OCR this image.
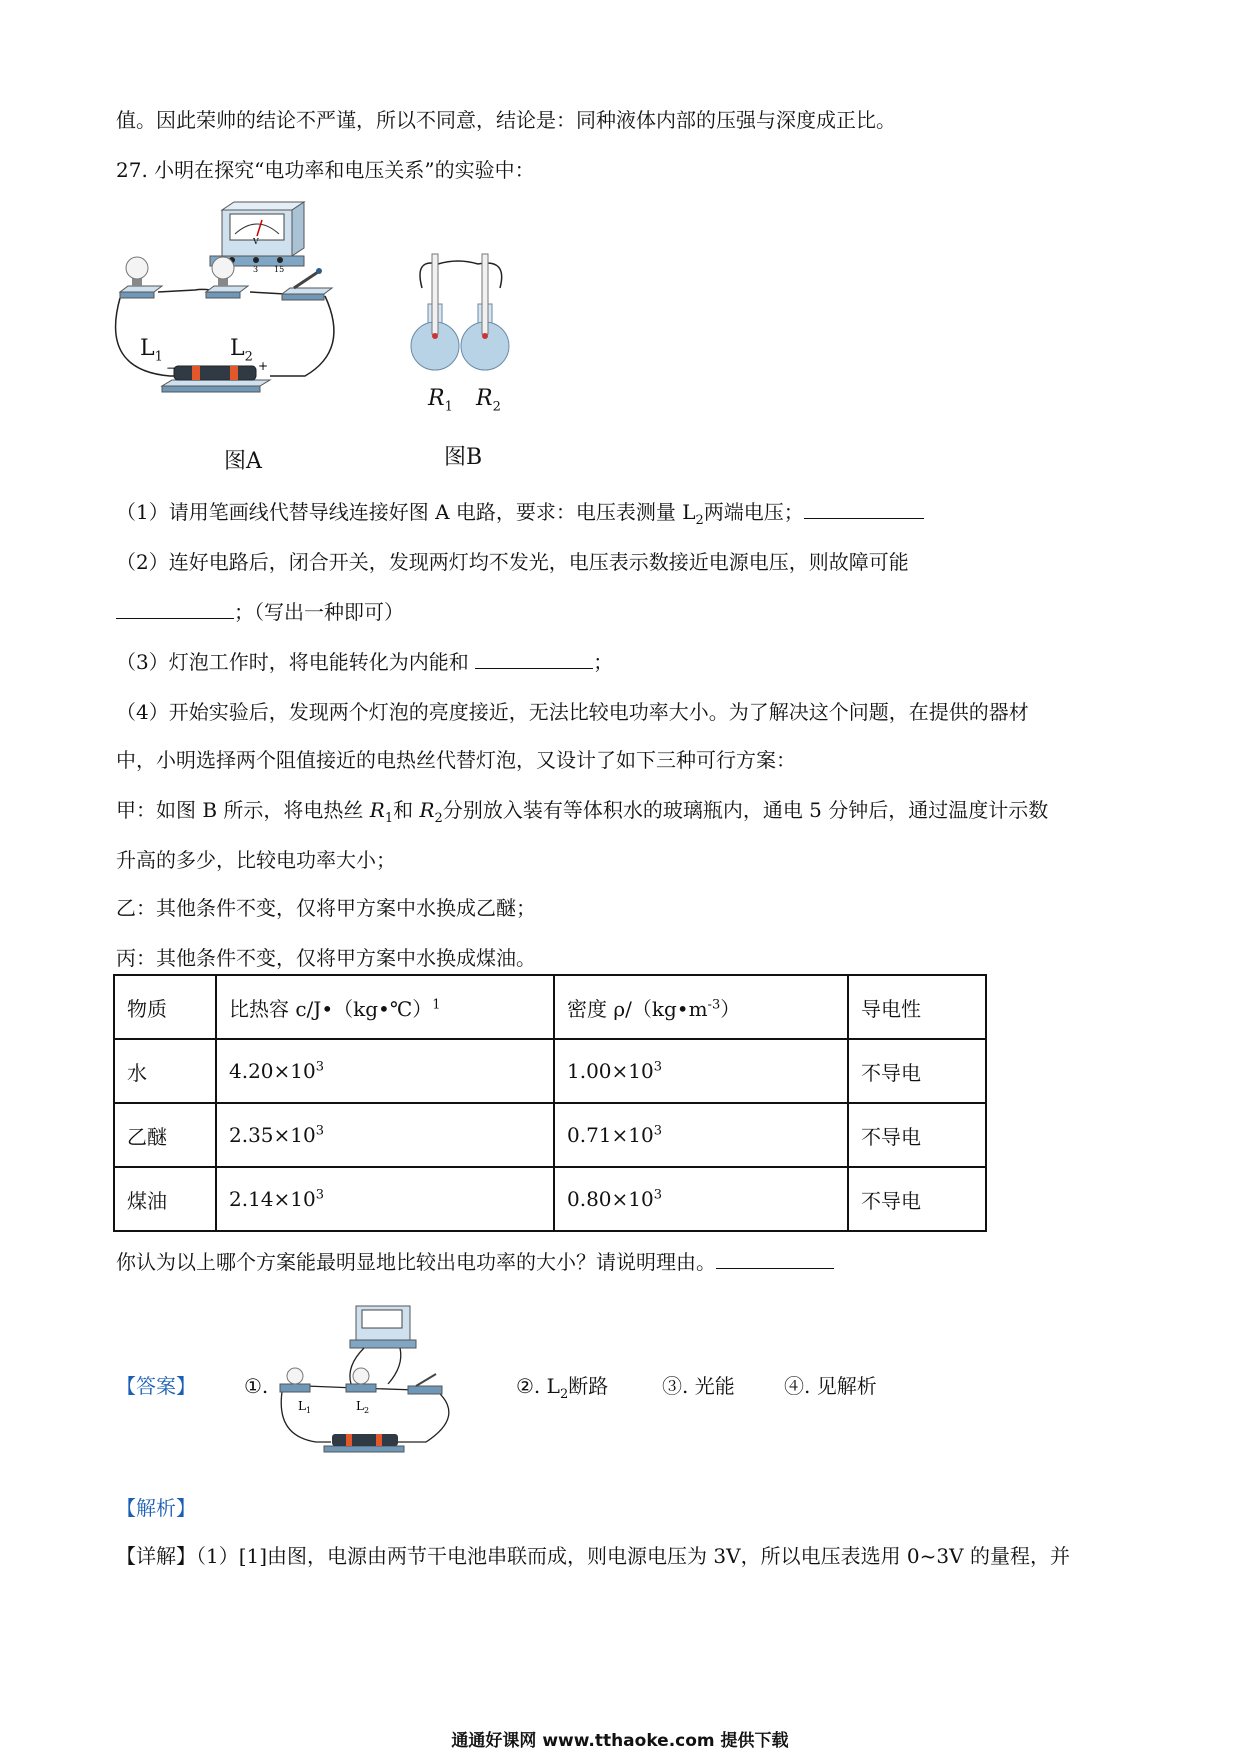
值。因此荣帅的结论不严谨，所以不同意，结论是：同种液体内部的压强与深度成正比。
27. 小明在探究“电功率和电压关系”的实验中：
3 15
V
−	+
$L_1$	$L_2$
图A
$R_1$ $R_2$
图B
（1）请用笔画线代替导线连接好图 A 电路，要求：电压表测量 $L_2$两端电压；
（2）连好电路后，闭合开关，发现两灯均不发光，电压表示数接近电源电压，则故障可能
；（写出一种即可）
（3）灯泡工作时，将电能转化为内能和	；
（4）开始实验后，发现两个灯泡的亮度接近，无法比较电功率大小。为了解决这个问题，在提供的器材
中，小明选择两个阻值接近的电热丝代替灯泡，又设计了如下三种可行方案：
甲：如图 B 所示，将电热丝 $R_1$和 $R_2$分别放入装有等体积水的玻璃瓶内，通电 5 分钟后，通过温度计示数
升高的多少，比较电功率大小；
乙：其他条件不变，仅将甲方案中水换成乙醚；
丙：其他条件不变，仅将甲方案中水换成煤油。
物质	比热容 c/J•（kg•℃）$^1$	密度 $\rho/(kg•m^{-3})$	导电性
水	$4.20\times 10^3$	$1.00\times 10^3$	不导电
乙醚	$2.35\times 10^3$	$0.71\times 10^3$	不导电
煤油	$2.14\times 10^3$	$0.80\times 10^3$	不导电
你认为以上哪个方案能最明显地比较出电功率的大小？请说明理由。
【答案】 ①.
$L_1$	$L_2$
②. $L_2$断路	③. 光能 ④. 见解析
【解析】
【详解】（1）[1]由图，电源由两节干电池串联而成，则电源电压为 3V，所以电压表选用 0~3V 的量程，并
通通好课网 www.tthaoke.com 提供下载
